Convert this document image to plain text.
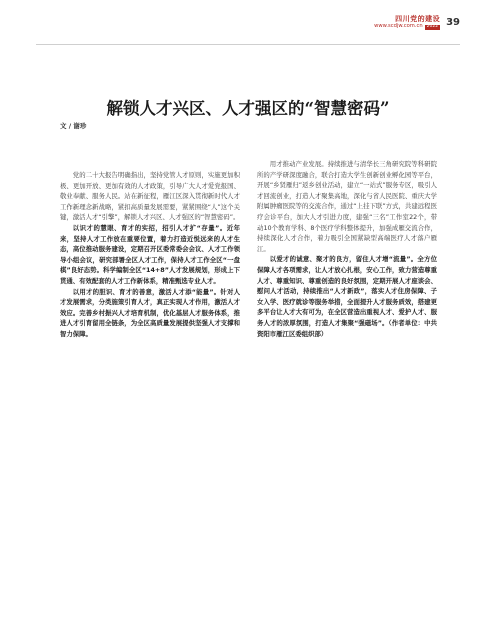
四川党的建设
www.scdjw.com.cn 2022 39
解锁人才兴区、人才强区的“智慧密码”
文 / 谢珍

党的二十大报告明确指出，坚持党管人才原则，实施更加积极、更加开放、更加有效的人才政策，引导广大人才爱党报国、敬业奉献、服务人民。站在新征程，雁江区深入贯彻新时代人才工作新理念新战略，紧扣高质量发展需要，紧紧围绕“人”这个关键，激活人才“引擎”，解锁人才兴区、人才强区的“智慧密码”。

以识才的慧眼、育才的实招，招引人才扩“存量”。近年来，坚持人才工作放在重要位置，着力打造近悦远来的人才生态，高位推动服务建设，定期召开区委常委会会议、人才工作领导小组会议，研究部署全区人才工作，保持人才工作全区“一盘棋”良好态势。科学编制全区“14+8”人才发展规划，形成上下贯通、有效配套的人才工作新体系，精准甄选专业人才。

以用才的胆识、育才的善意，激活人才添“能量”。针对人才发展需求，分类施策引育人才，真正实现人才作用，激活人才效应。完善乡村振兴人才培育机制，优化基层人才服务体系，推进人才引育留用全链条，为全区高质量发展提供坚强人才支撑和智力保障。

用才推动产业发展。持续推进与清华长三角研究院等科研院所的产学研深度融合，联合打造大学生创新创业孵化园等平台，开展“乡贤雁归”返乡创业活动，建立“一站式”服务专区，吸引人才回流创业，打造人才聚集高地，深化与省人民医院、重庆大学附属肿瘤医院等的交流合作，通过“上挂下联”方式，共建远程医疗会诊平台，加大人才引进力度，建强“三名”工作室22个，带动10个教育学科、8个医疗学科整体提升，加强成雁交流合作，持续深化人才合作，着力吸引全国紧缺型高端医疗人才落户雁江。

以爱才的诚意、聚才的良方，留住人才增“流量”。全方位保障人才各项需求，让人才放心扎根，安心工作，致力营造尊重人才、尊重知识、尊重创造的良好氛围，定期开展人才座谈会、慰问人才活动，持续推出“人才新政”，落实人才住房保障、子女入学、医疗就诊等服务举措，全面提升人才服务质效，搭建更多平台让人才大有可为，在全区营造出重视人才、爱护人才、服务人才的浓厚氛围，打造人才集聚“强磁场”。（作者单位：中共资阳市雁江区委组织部）
